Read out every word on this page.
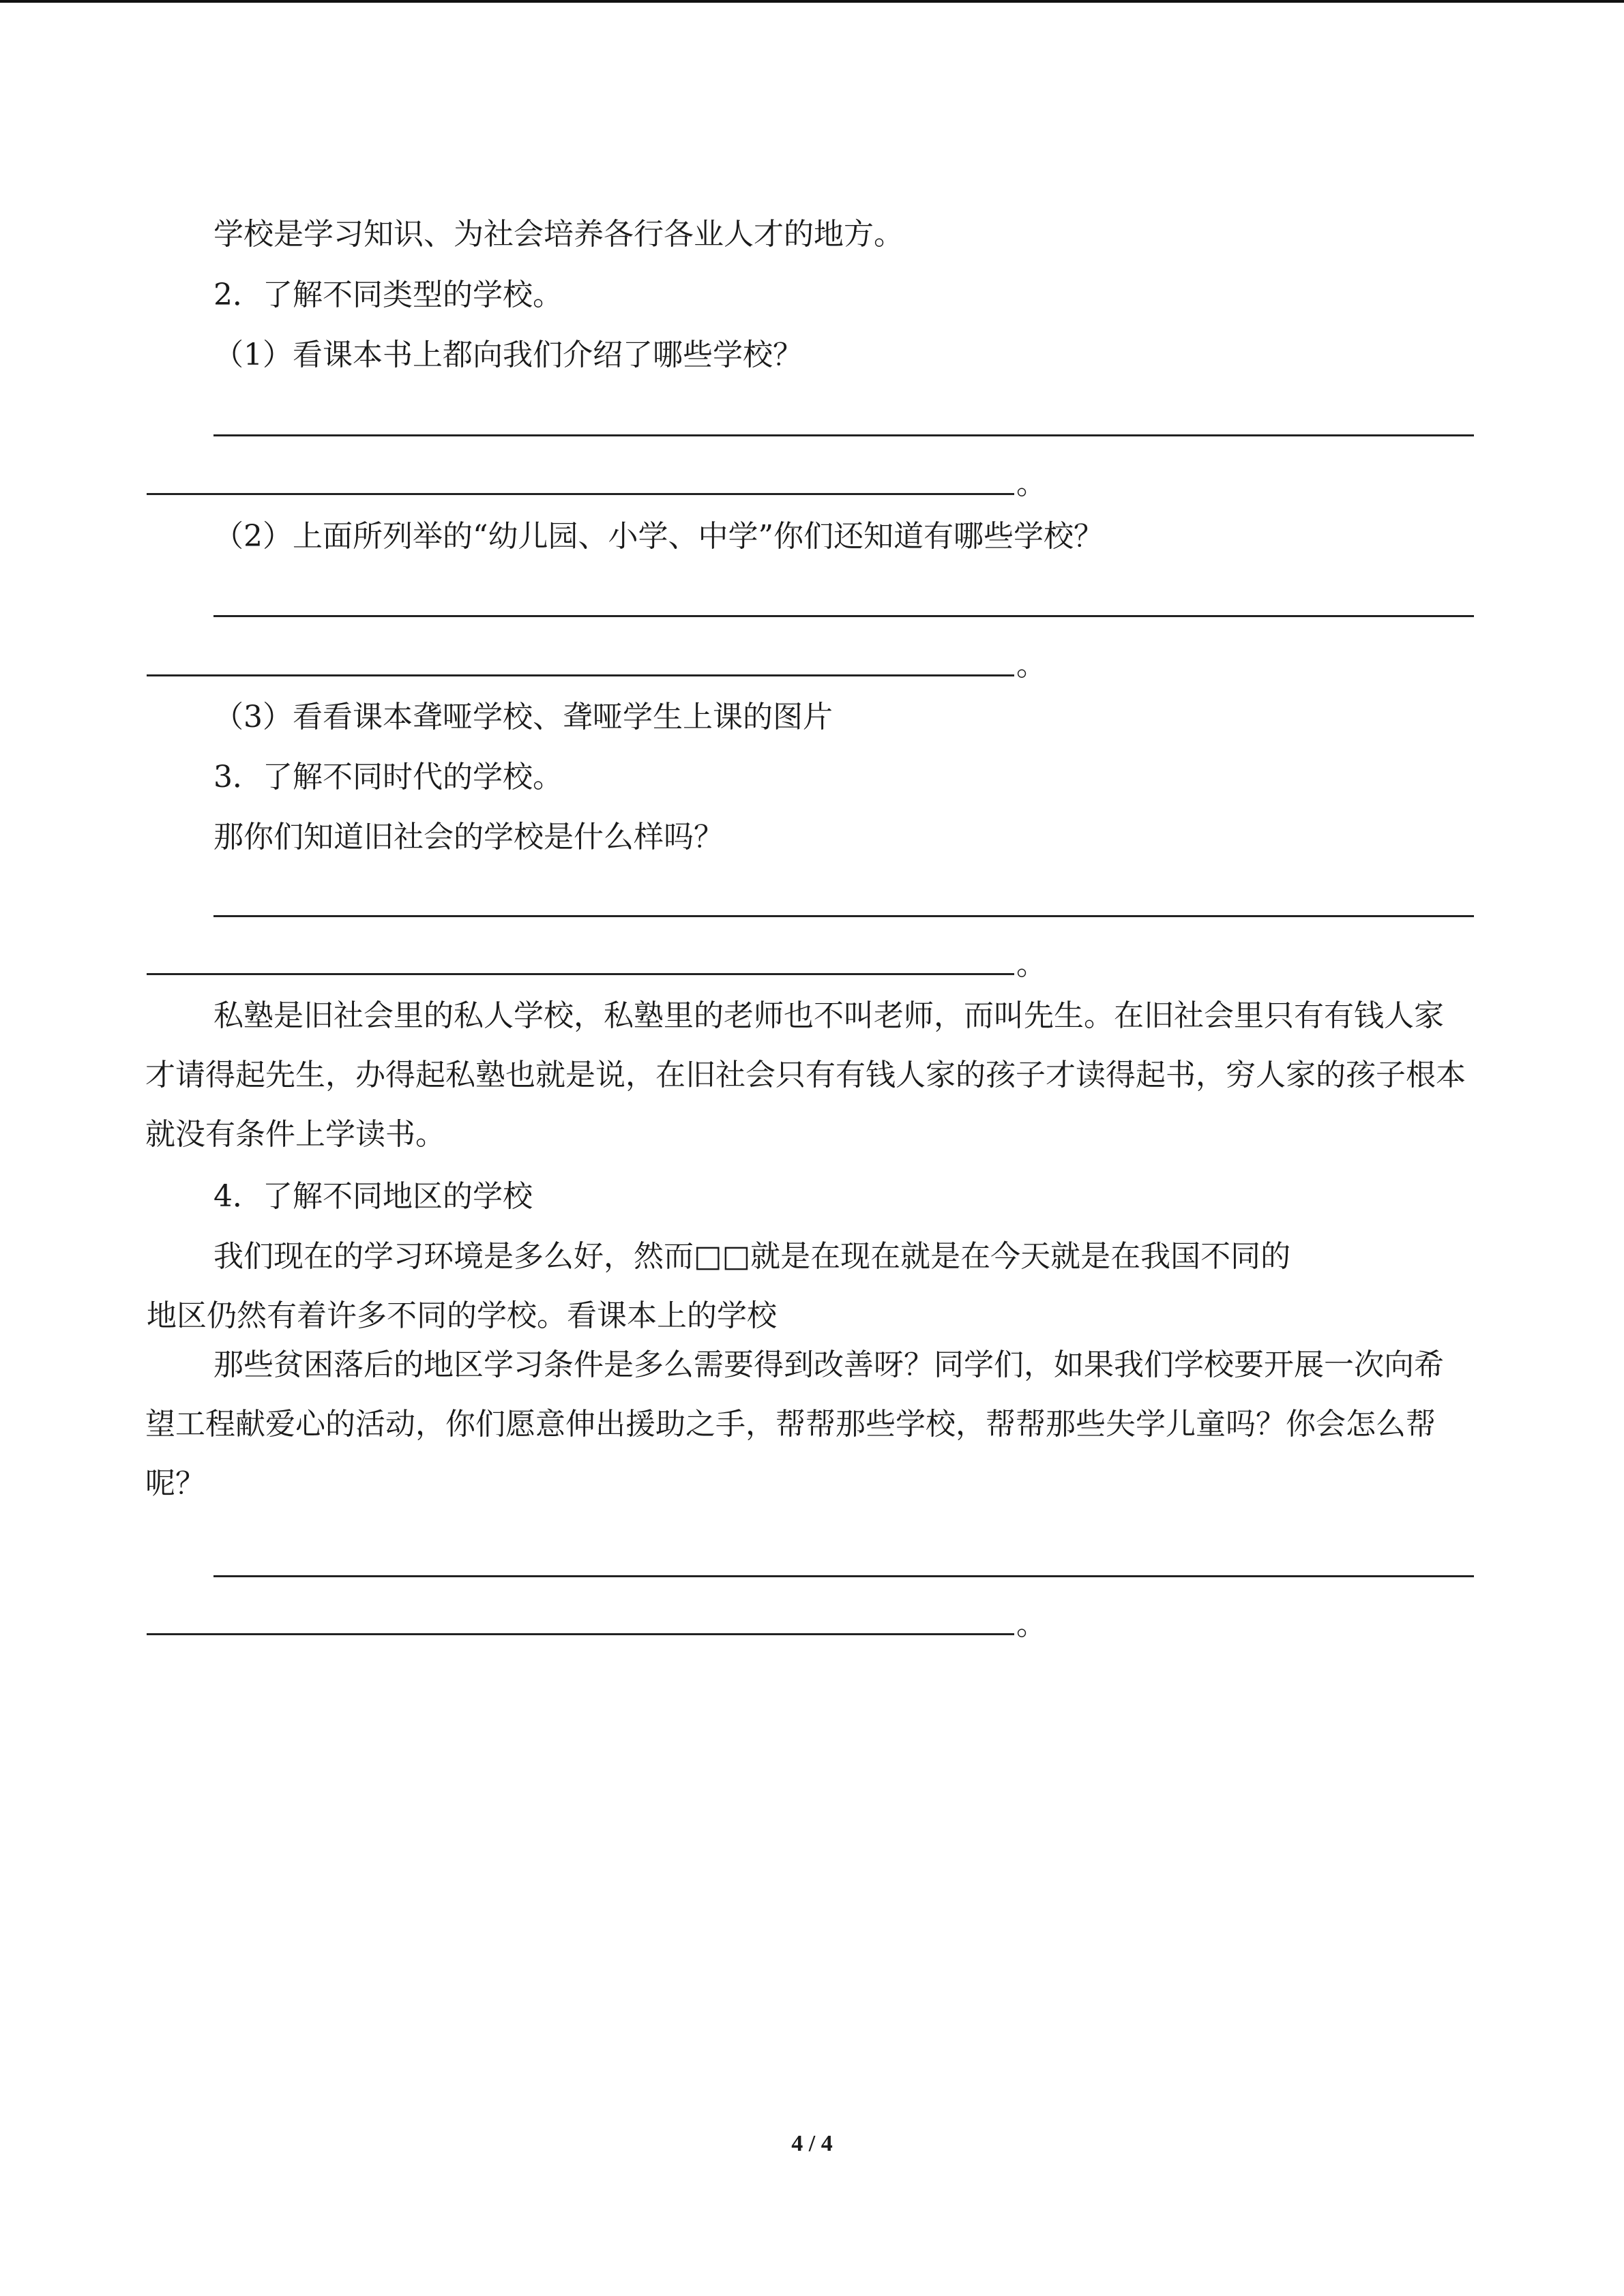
学校是学习知识、为社会培养各行各业人才的地方。

2．了解不同类型的学校。

（1）看课本书上都向我们介绍了哪些学校？

。

（2）上面所列举的“幼儿园、小学、中学”你们还知道有哪些学校？

。

（3）看看课本聋哑学校、聋哑学生上课的图片

3．了解不同时代的学校。

那你们知道旧社会的学校是什么样吗？

。

私塾是旧社会里的私人学校，私塾里的老师也不叫老师，而叫先生。在旧社会里只有有钱人家才请得起先生，办得起私塾也就是说，在旧社会只有有钱人家的孩子才读得起书，穷人家的孩子根本就没有条件上学读书。

4．了解不同地区的学校

我们现在的学习环境是多么好，然而□□就是在现在就是在今天就是在我国不同的

地区仍然有着许多不同的学校。看课本上的学校

那些贫困落后的地区学习条件是多么需要得到改善呀？同学们，如果我们学校要开展一次向希望工程献爱心的活动，你们愿意伸出援助之手，帮帮那些学校，帮帮那些失学儿童吗？你会怎么帮呢？

。
4 / 4
